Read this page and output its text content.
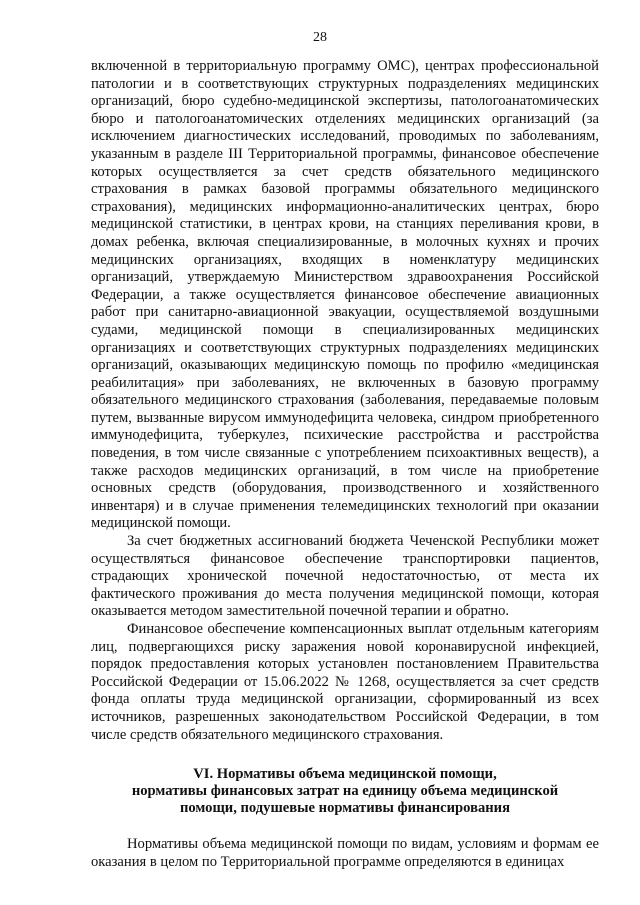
28

включенной в территориальную программу ОМС), центрах профессиональной патологии и в соответствующих структурных подразделениях медицинских организаций, бюро судебно-медицинской экспертизы, патологоанатомических бюро и патологоанатомических отделениях медицинских организаций (за исключением диагностических исследований, проводимых по заболеваниям, указанным в разделе III Территориальной программы, финансовое обеспечение которых осуществляется за счет средств обязательного медицинского страхования в рамках базовой программы обязательного медицинского страхования), медицинских информационно-аналитических центрах, бюро медицинской статистики, в центрах крови, на станциях переливания крови, в домах ребенка, включая специализированные, в молочных кухнях и прочих медицинских организациях, входящих в номенклатуру медицинских организаций, утверждаемую Министерством здравоохранения Российской Федерации, а также осуществляется финансовое обеспечение авиационных работ при санитарно-авиационной эвакуации, осуществляемой воздушными судами, медицинской помощи в специализированных медицинских организациях и соответствующих структурных подразделениях медицинских организаций, оказывающих медицинскую помощь по профилю «медицинская реабилитация» при заболеваниях, не включенных в базовую программу обязательного медицинского страхования (заболевания, передаваемые половым путем, вызванные вирусом иммунодефицита человека, синдром приобретенного иммунодефицита, туберкулез, психические расстройства и расстройства поведения, в том числе связанные с употреблением психоактивных веществ), а также расходов медицинских организаций, в том числе на приобретение основных средств (оборудования, производственного и хозяйственного инвентаря) и в случае применения телемедицинских технологий при оказании медицинской помощи.

За счет бюджетных ассигнований бюджета Чеченской Республики может осуществляться финансовое обеспечение транспортировки пациентов, страдающих хронической почечной недостаточностью, от места их фактического проживания до места получения медицинской помощи, которая оказывается методом заместительной почечной терапии и обратно.

Финансовое обеспечение компенсационных выплат отдельным категориям лиц, подвергающихся риску заражения новой коронавирусной инфекцией, порядок предоставления которых установлен постановлением Правительства Российской Федерации от 15.06.2022 № 1268, осуществляется за счет средств фонда оплаты труда медицинской организации, сформированный из всех источников, разрешенных законодательством Российской Федерации, в том числе средств обязательного медицинского страхования.

VI. Нормативы объема медицинской помощи,
нормативы финансовых затрат на единицу объема медицинской
помощи, подушевые нормативы финансирования

Нормативы объема медицинской помощи по видам, условиям и формам ее оказания в целом по Территориальной программе определяются в единицах
